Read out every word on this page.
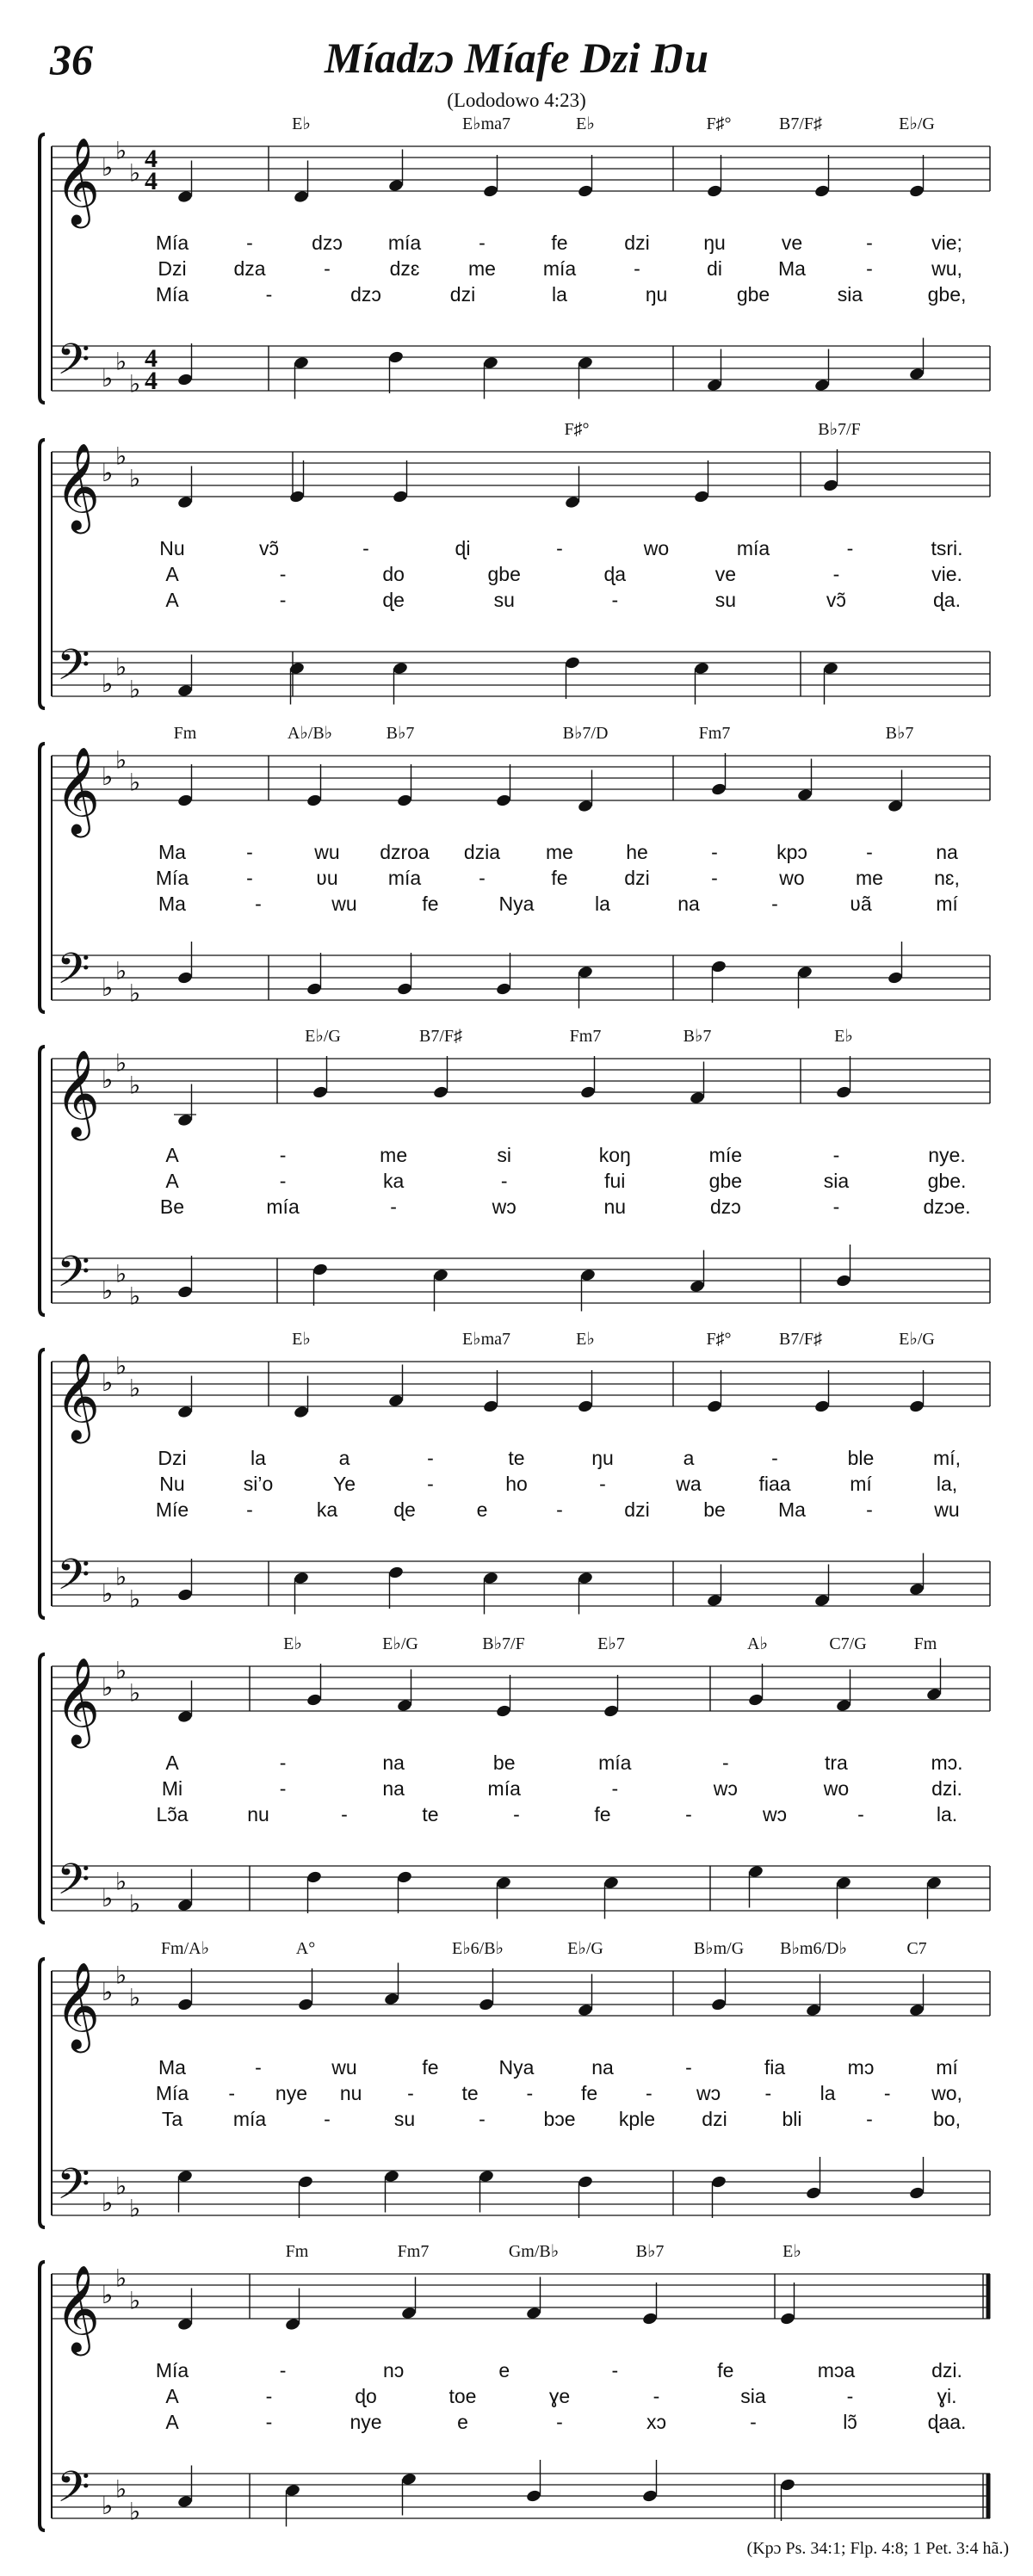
36	Míadzɔ Míafe Dzi Ŋu
(Lododowo 4:23)
𝄞
𝄢
♭
♭
♭
♭
♭
♭
4
4
4
4
E♭	E♭ma7	E♭	F♯°	B7/F♯	E♭/G
Mía	-	dzɔ mía	-	fe	dzi	ŋu	ve	-	vie;
Dzi dza	-	dzɛ me mía	-	di	Ma	-	wu,
Mía	-	dzɔ	dzi	la	ŋu	gbe	sia	gbe,
𝄞
𝄢
♭
♭
♭
♭
♭
♭
F♯°	B♭7/F
Nu	vɔ̃	-	ɖi	-	wo	mía	-	tsri.
A	-	do	gbe	ɖa	ve	-	vie.
A	-	ɖe	su	-	su	vɔ̃	ɖa.
𝄞
𝄢
♭
♭
♭
♭
♭
♭
Fm	A♭/B♭	B♭7	B♭7/D	Fm7	B♭7
Ma	-	wu dzroa dzia me	he	-	kpɔ	-	na
Mía	-	ʋu	mía	-	fe	dzi	-	wo	me	nɛ,
Ma	-	wu	fe	Nya	la	na	-	ʋã	mí
𝄞
𝄢
♭
♭
♭
♭
♭
♭
E♭/G	B7/F♯	Fm7	B♭7	E♭
A	-	me	si	koŋ	míe	-	nye.
A	-	ka	-	fui	gbe	sia	gbe.
Be	mía	-	wɔ	nu	dzɔ	-	dzɔe.
𝄞
𝄢
♭
♭
♭
♭
♭
♭
E♭	E♭ma7	E♭	F♯°	B7/F♯	E♭/G
Dzi	la	a	-	te	ŋu	a	-	ble	mí,
Nu	si’o	Ye	-	ho	-	wa	fiaa	mí	la,
Míe	-	ka	ɖe	e	-	dzi	be	Ma	-	wu
𝄞
𝄢
♭
♭
♭
♭
♭
♭
E♭	E♭/G	B♭7/F	E♭7	A♭	C7/G	Fm
A	-	na	be	mía	-	tra	mɔ.
Mi	-	na	mía	-	wɔ	wo	dzi.
Lɔ̃a	nu	-	te	-	fe	-	wɔ	-	la.
𝄞
𝄢
♭
♭
♭
♭
♭
♭
Fm/A♭	A°	E♭6/B♭	E♭/G	B♭m/G B♭m6/D♭	C7
Ma	-	wu	fe	Nya	na	-	fia	mɔ	mí
Mía - nye nu - te - fe - wɔ - la - wo,
Ta	mía	-	su	-	bɔe kple dzi	bli	-	bo,
𝄞
𝄢
♭
♭
♭
♭
♭
♭
Fm	Fm7	Gm/B♭	B♭7	E♭
Mía	-	nɔ	e	-	fe	mɔa	dzi.
A	-	ɖo	toe	ɣe	-	sia	-	ɣi.
A	-	nye	e	-	xɔ	-	lɔ̃	ɖaa.
(Kpɔ Ps. 34:1; Flp. 4:8; 1 Pet. 3:4 hã.)
